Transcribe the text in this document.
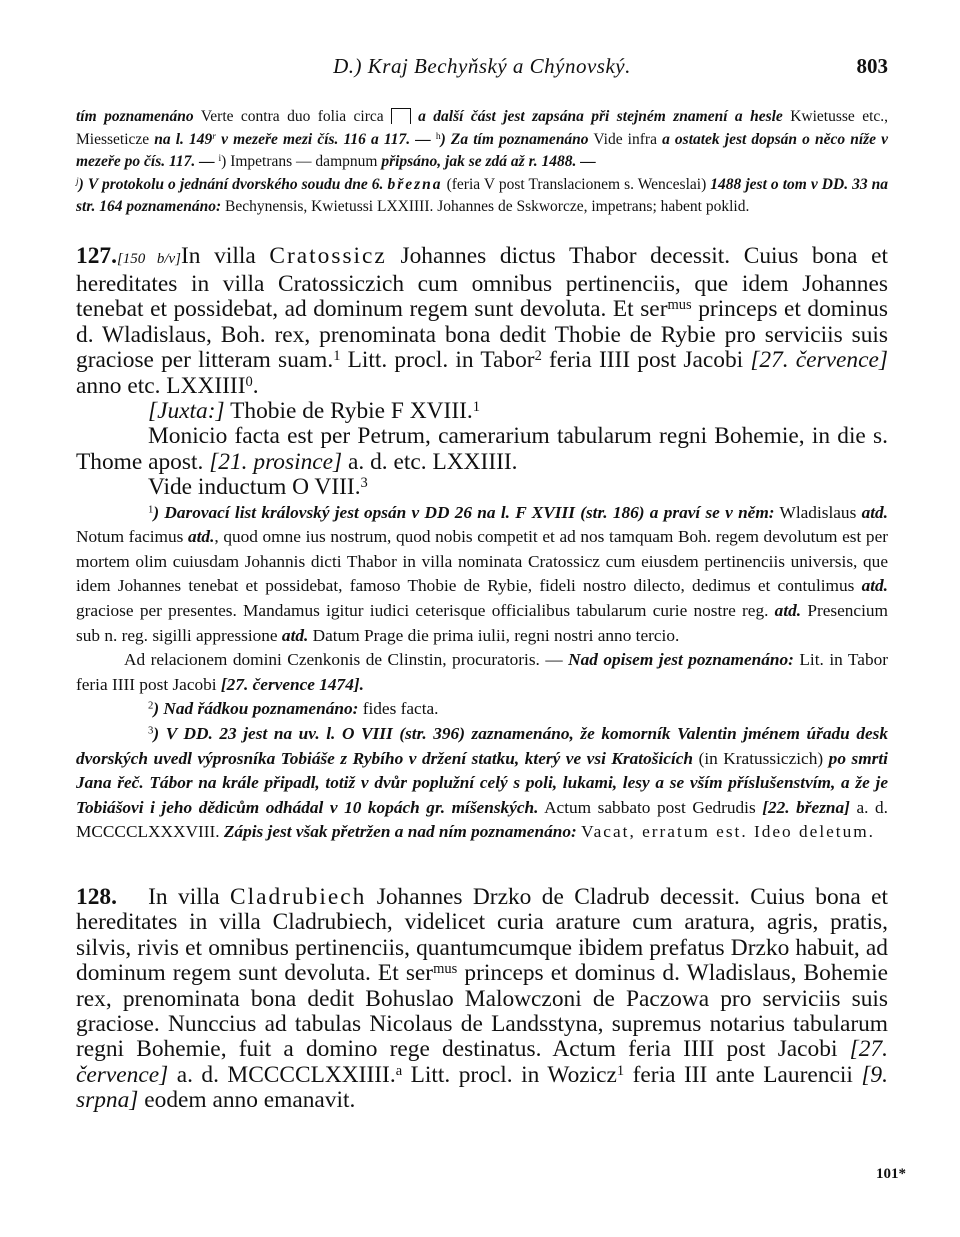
D.) Kraj Bechyňský a Chýnovský.	803

tím poznamenáno Verte contra duo folia circa a další část jest zapsána při stejném znamení a hesle Kwietusse etc., Miesseticze na l. 149$^r$ v mezeře mezi čís. 116 a 117. — $^h$) Za tím poznamenáno Vide infra a ostatek jest dopsán o něco níže v mezeře po čís. 117. — $^i$) Impetrans — dampnum připsáno, jak se zdá až r. 1488. —

$^j$) V protokolu o jednání dvorského soudu dne 6. března (feria V post Translacionem s. Wenceslai) 1488 jest o tom v DD. 33 na str. 164 poznamenáno: Bechynensis, Kwietussi LXXIIII. Johannes de Sskworcze, impetrans; habent poklid.

127.[150 b/v]In villa Cratossicz Johannes dictus Thabor decessit. Cuius bona et hereditates in villa Cratossiczich cum omnibus pertinenciis, que idem Johannes tenebat et possidebat, ad dominum regem sunt devoluta. Et ser$^{mus}$ princeps et dominus d. Wladislaus, Boh. rex, prenominata bona dedit Thobie de Rybie pro serviciis suis graciose per litteram suam.$^1$ Litt. procl. in Tabor$^2$ feria IIII post Jacobi [27. července] anno etc. LXXIIII$^0$.

[Juxta:] Thobie de Rybie F XVIII.$^1$

Monicio facta est per Petrum, camerarium tabularum regni Bohemie, in die s. Thome apost. [21. prosince] a. d. etc. LXXIIII.

Vide inductum O VIII.$^3$

$^1$) Darovací list královský jest opsán v DD 26 na l. F XVIII (str. 186) a praví se v něm: Wladislaus atd. Notum facimus atd., quod omne ius nostrum, quod nobis competit et ad nos tamquam Boh. regem devolutum est per mortem olim cuiusdam Johannis dicti Thabor in villa nominata Cratossicz cum eiusdem pertinenciis universis, que idem Johannes tenebat et possidebat, famoso Thobie de Rybie, fideli nostro dilecto, dedimus et contulimus atd. graciose per presentes. Mandamus igitur iudici ceterisque officialibus tabularum curie nostre reg. atd. Presencium sub n. reg. sigilli appressione atd. Datum Prage die prima iulii, regni nostri anno tercio.

Ad relacionem domini Czenkonis de Clinstin, procuratoris. — Nad opisem jest poznamenáno: Lit. in Tabor feria IIII post Jacobi [27. července 1474].

$^2$) Nad řádkou poznamenáno: fides facta.

$^3$) V DD. 23 jest na uv. l. O VIII (str. 396) zaznamenáno, že komorník Valentin jménem úřadu desk dvorských uvedl výprosníka Tobiáše z Rybího v držení statku, který ve vsi Kratošicích (in Kratussiczich) po smrti Jana řeč. Tábor na krále připadl, totiž v dvůr poplužní celý s poli, lukami, lesy a se vším příslušenstvím, a že je Tobiášovi i jeho dědicům odhádal v 10 kopách gr. míšenských. Actum sabbato post Gedrudis [22. března] a. d. MCCCCLXXXVIII. Zápis jest však přetržen a nad ním poznamenáno: Vacat, erratum est. Ideo deletum.

128. In villa Cladrubiech Johannes Drzko de Cladrub decessit. Cuius bona et hereditates in villa Cladrubiech, videlicet curia arature cum aratura, agris, pratis, silvis, rivis et omnibus pertinenciis, quantumcumque ibidem prefatus Drzko habuit, ad dominum regem sunt devoluta. Et ser$^{mus}$ princeps et dominus d. Wladislaus, Bohemie rex, prenominata bona dedit Bohuslao Malowczoni de Paczowa pro serviciis suis graciose. Nunccius ad tabulas Nicolaus de Landsstyna, supremus notarius tabularum regni Bohemie, fuit a domino rege destinatus. Actum feria IIII post Jacobi [27. července] a. d. MCCCCLXXIIII.$^a$ Litt. procl. in Wozicz$^1$ feria III ante Laurencii [9. srpna] eodem anno emanavit.

101*
